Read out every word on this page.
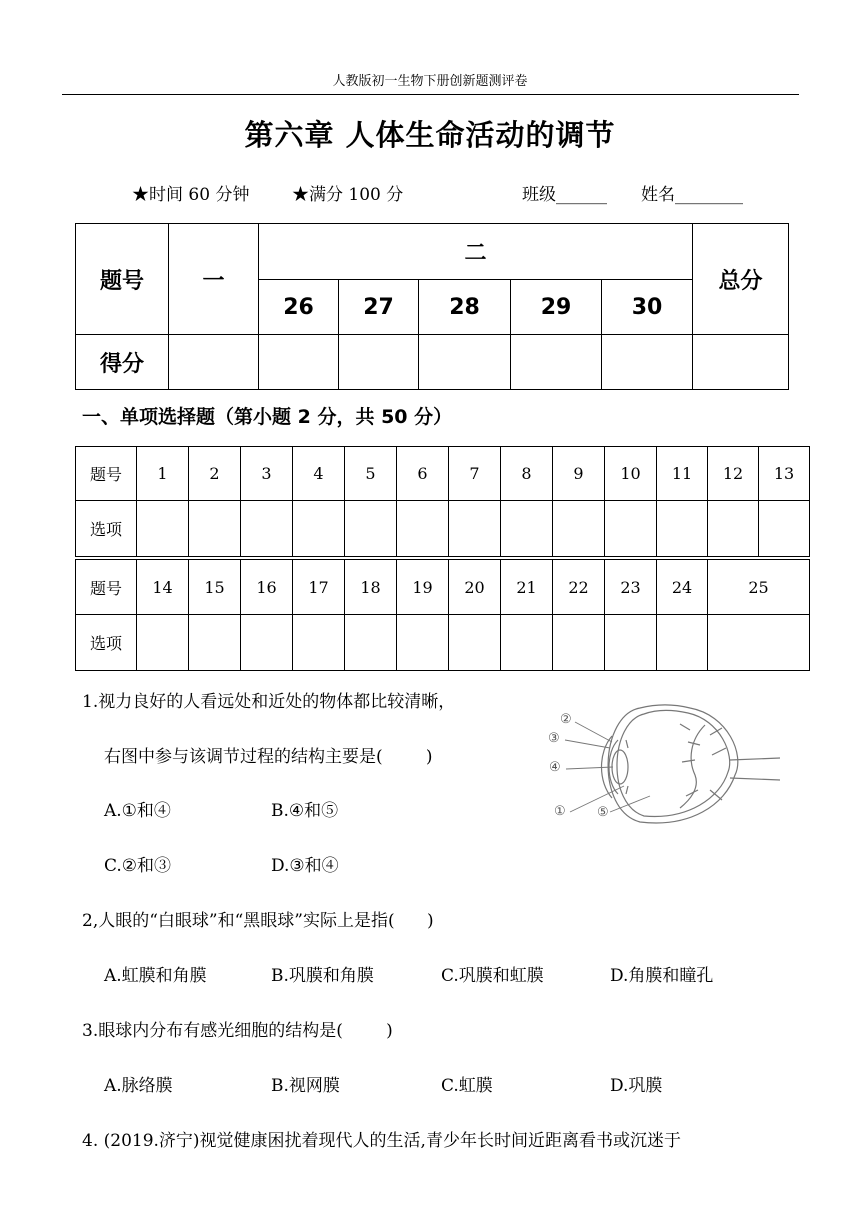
人教版初一生物下册创新题测评卷
第六章 人体生命活动的调节
★时间 60 分钟	★满分 100 分	班级______ 姓名________
题号	一	二					总分
		26	27	28	29	30	
得分							
一、单项选择题（第小题 2 分，共 50 分）
题号	1	2	3	4	5	6	7	8	9	10	11	12	13
选项													
题号	14	15	16	17	18	19	20	21	22	23	24	25
选项												
1.视力良好的人看远处和近处的物体都比较清晰，
右图中参与该调节过程的结构主要是(        )
A.①和④	B.④和⑤
C.②和③	D.③和④
②
③
④
① ⑤
2,人眼的“白眼球”和“黑眼球”实际上是指(      )
A.虹膜和角膜	B.巩膜和角膜	C.巩膜和虹膜	D.角膜和瞳孔
3.眼球内分布有感光细胞的结构是(        )
A.脉络膜	B.视网膜	C.虹膜	D.巩膜
4. (2019.济宁)视觉健康困扰着现代人的生活,青少年长时间近距离看书或沉迷于
